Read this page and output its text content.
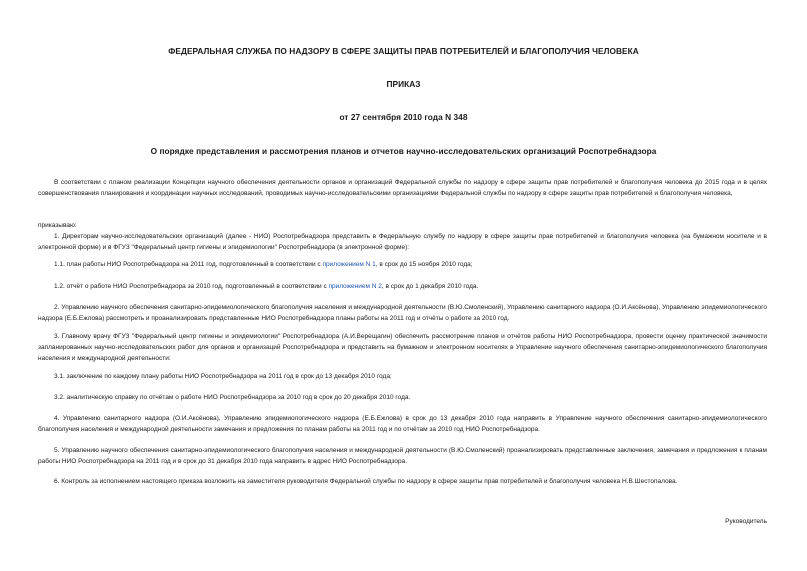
ФЕДЕРАЛЬНАЯ СЛУЖБА ПО НАДЗОРУ В СФЕРЕ ЗАЩИТЫ ПРАВ ПОТРЕБИТЕЛЕЙ И БЛАГОПОЛУЧИЯ ЧЕЛОВЕКА
ПРИКАЗ
от 27 сентября 2010 года N 348
О порядке представления и рассмотрения планов и отчетов научно-исследовательских организаций Роспотребнадзора
В соответствии с планом реализации Концепции научного обеспечения деятельности органов и организаций Федеральной службы по надзору в сфере защиты прав потребителей и благополучия человека до 2015 года и в целях совершенствования планирования и координации научных исследований, проводимых научно-исследовательскими организациями Федеральной службы по надзору в сфере защиты прав потребителей и благополучия человека,
приказываю:
1. Директорам научно-исследовательских организаций (далее - НИО) Роспотребнадзора представить в Федеральную службу по надзору в сфере защиты прав потребителей и благополучия человека (на бумажном носителе и в электронной форме) и в ФГУЗ "Федеральный центр гигиены и эпидемиологии" Роспотребнадзора (в электронной форме):
1.1. план работы НИО Роспотребнадзора на 2011 год, подготовленный в соответствии с приложением N 1, в срок до 15 ноября 2010 года;
1.2. отчёт о работе НИО Роспотребнадзора за 2010 год, подготовленный в соответствии с приложением N 2, в срок до 1 декабря 2010 года.
2. Управлению научного обеспечения санитарно-эпидемиологического благополучия населения и международной деятельности (В.Ю.Смоленский), Управлению санитарного надзора (О.И.Аксёнова), Управлению эпидемиологического надзора (Е.Б.Ежлова) рассмотреть и проанализировать представленные НИО Роспотребнадзора планы работы на 2011 год и отчёты о работе за 2010 год.
3. Главному врачу ФГУЗ "Федеральный центр гигиены и эпидемиологии" Роспотребнадзора (А.И.Верещагин) обеспечить рассмотрение планов и отчётов работы НИО Роспотребнадзора, провести оценку практической значимости запланированных научно-исследовательских работ для органов и организаций Роспотребнадзора и представить на бумажном и электронном носителях в Управление научного обеспечения санитарно-эпидемиологического благополучия населения и международной деятельности:
3.1. заключение по каждому плану работы НИО Роспотребнадзора на 2011 год в срок до 13 декабря 2010 года;
3.2. аналитическую справку по отчётам о работе НИО Роспотребнадзора за 2010 год в срок до 20 декабря 2010 года.
4. Управлению санитарного надзора (О.И.Аксёнова), Управлению эпидемиологического надзора (Е.Б.Ежлова) в срок до 13 декабря 2010 года направить в Управление научного обеспечения санитарно-эпидемиологического благополучия населения и международной деятельности замечания и предложения по планам работы на 2011 год и по отчётам за 2010 год НИО Роспотребнадзора.
5. Управлению научного обеспечения санитарно-эпидемиологического благополучия населения и международной деятельности (В.Ю.Смоленский) проанализировать представленные заключения, замечания и предложения к планам работы НИО Роспотребнадзора на 2011 год и в срок до 31 декабря 2010 года направить в адрес НИО Роспотребнадзора.
6. Контроль за исполнением настоящего приказа возложить на заместителя руководителя Федеральной службы по надзору в сфере защиты прав потребителей и благополучия человека Н.В.Шестопалова.
Руководитель
